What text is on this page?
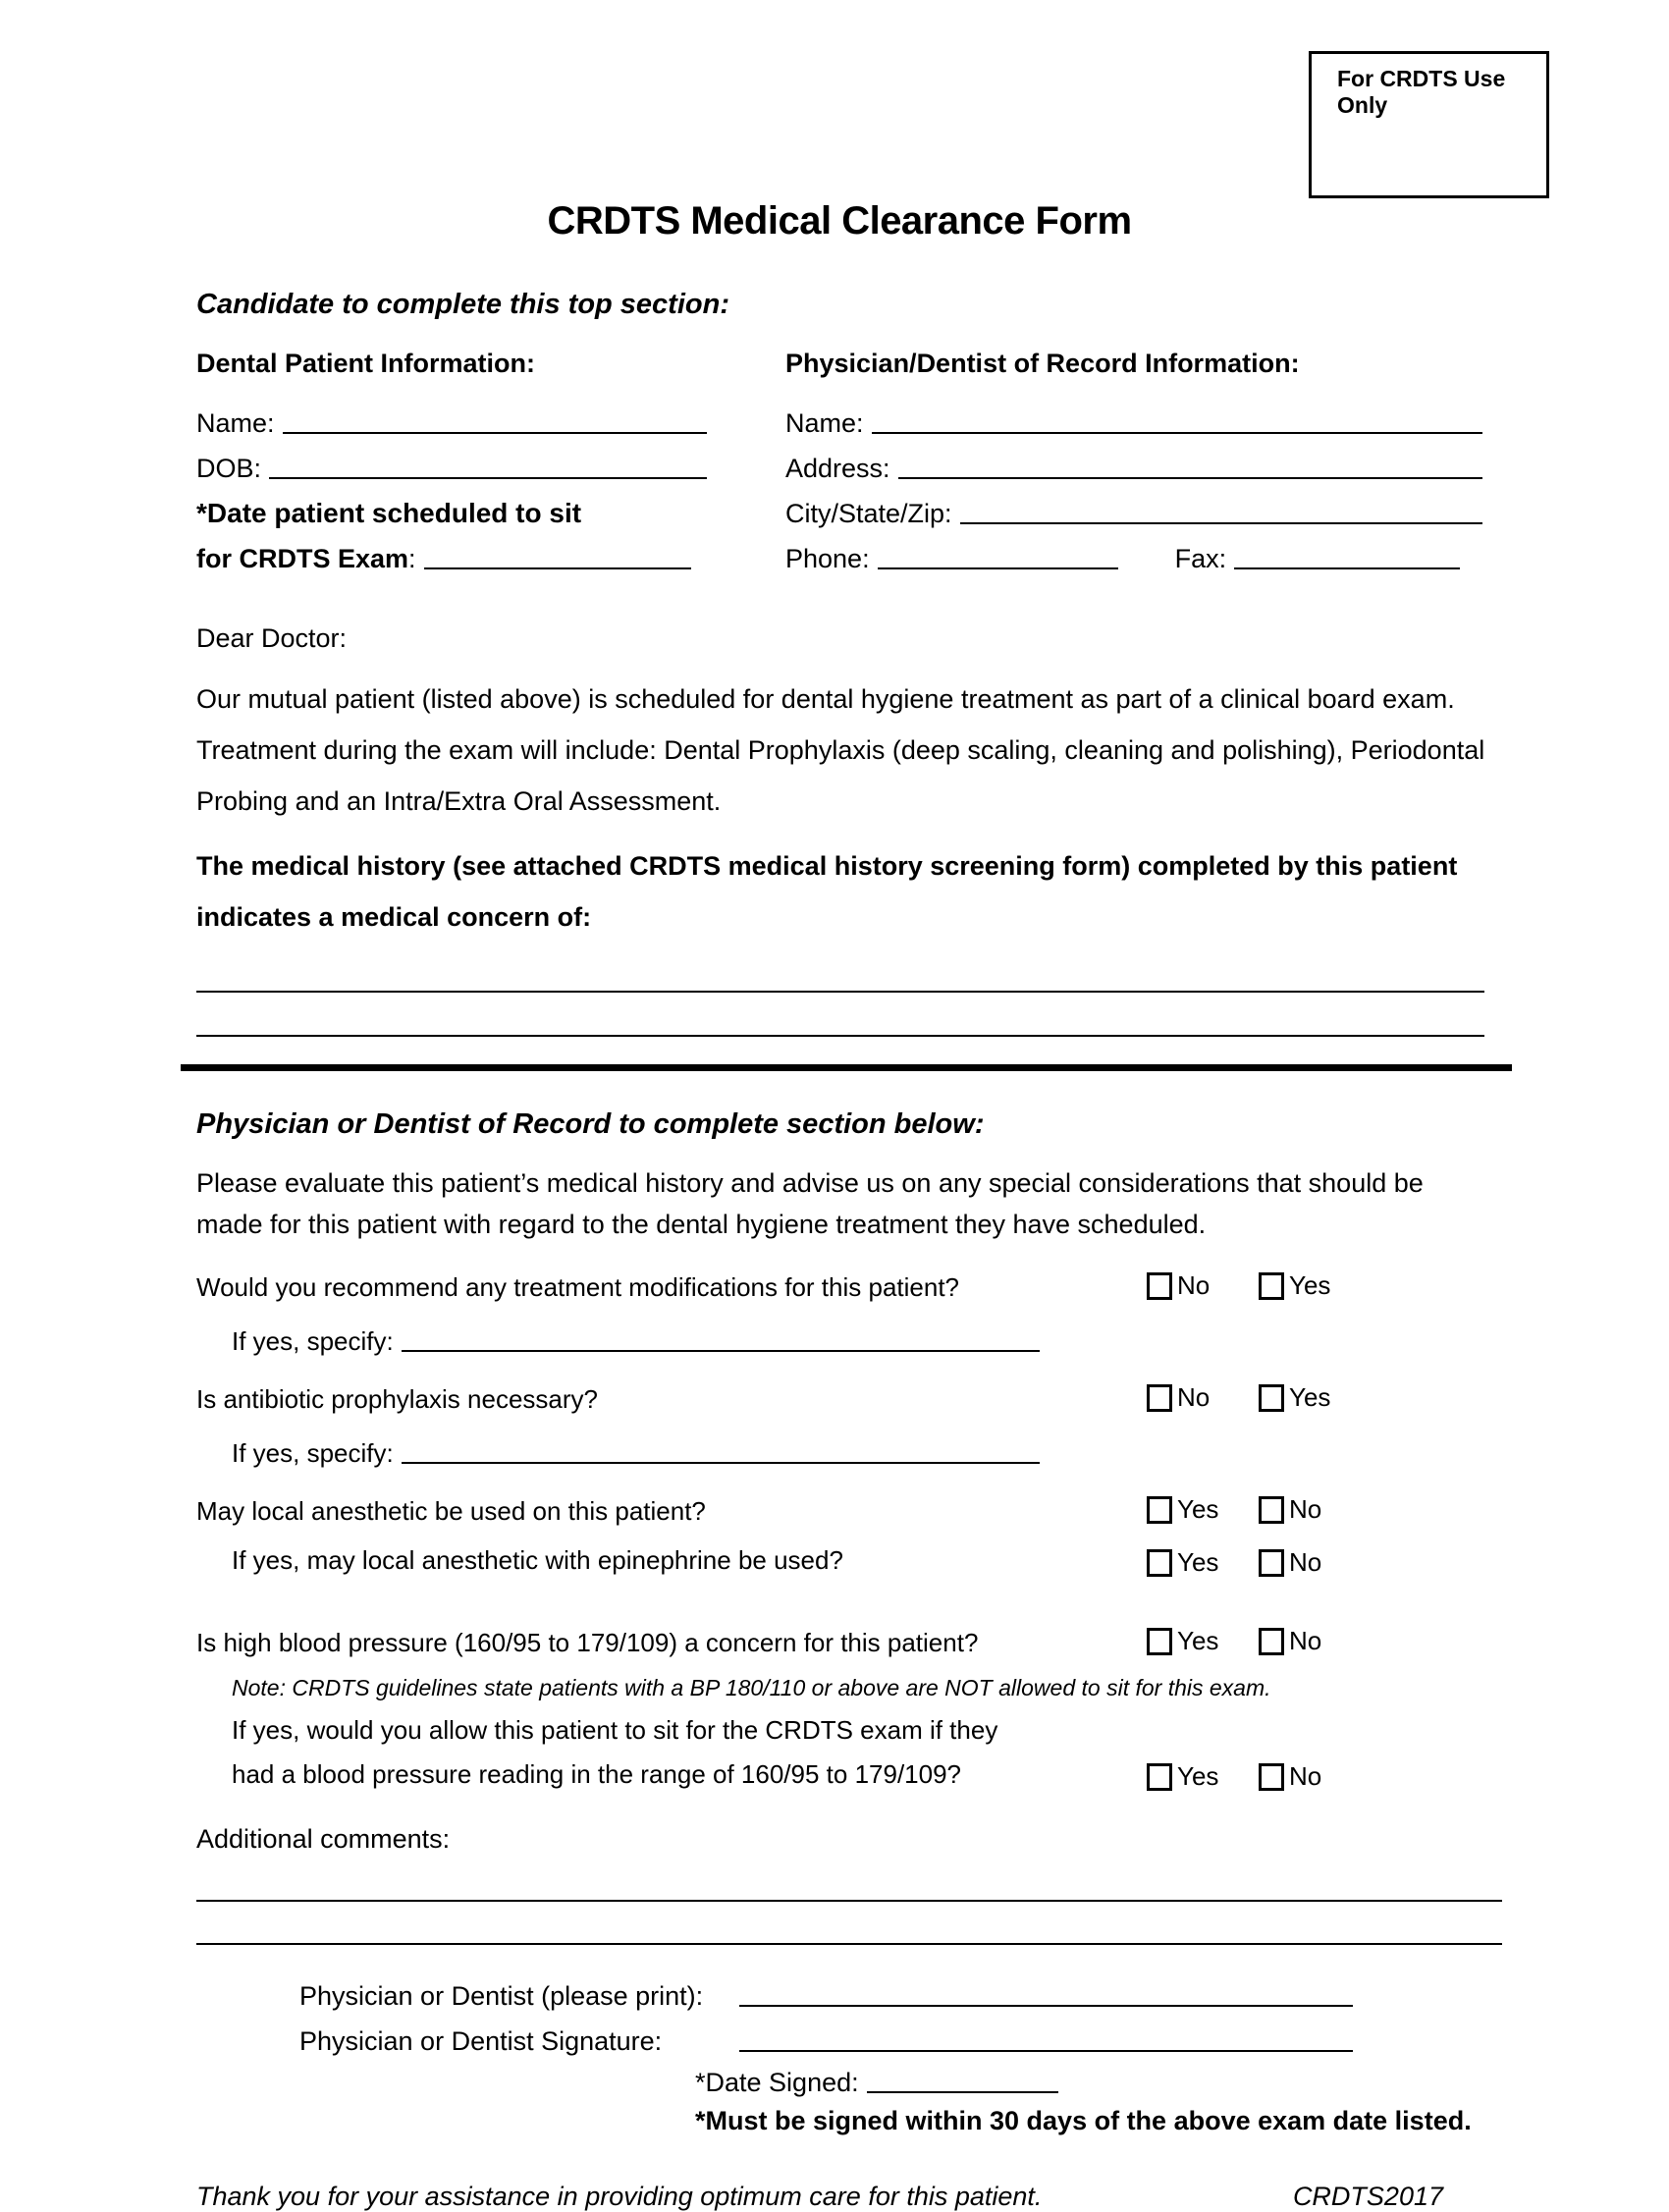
For CRDTS Use Only
CRDTS Medical Clearance Form
Candidate to complete this top section:
Dental Patient Information:
Name:
DOB:
*Date patient scheduled to sit
for CRDTS Exam :
Physician/Dentist of Record Information:
Name:
Address:
City/State/Zip:
Phone:	Fax:
Dear Doctor:

Our mutual patient (listed above) is scheduled for dental hygiene treatment as part of a clinical board exam. Treatment during the exam will include: Dental Prophylaxis (deep scaling, cleaning and polishing), Periodontal Probing and an Intra/Extra Oral Assessment.

The medical history (see attached CRDTS medical history screening form) completed by this patient indicates a medical concern of:

Physician or Dentist of Record to complete section below:

Please evaluate this patient’s medical history and advise us on any special considerations that should be made for this patient with regard to the dental hygiene treatment they have scheduled.

Would you recommend any treatment modifications for this patient?	No	Yes
If yes, specify:
Is antibiotic prophylaxis necessary?	No	Yes
If yes, specify:
May local anesthetic be used on this patient?	Yes	No
If yes, may local anesthetic with epinephrine be used?	Yes	No
Is high blood pressure (160/95 to 179/109) a concern for this patient?	Yes	No
Note: CRDTS guidelines state patients with a BP 180/110 or above are NOT allowed to sit for this exam.
If yes, would you allow this patient to sit for the CRDTS exam if they
had a blood pressure reading in the range of 160/95 to 179/109?	Yes	No
Additional comments:
Physician or Dentist (please print):
Physician or Dentist Signature:
*Date Signed:
*Must be signed within 30 days of the above exam date listed.
Thank you for your assistance in providing optimum care for this patient.	CRDTS2017
